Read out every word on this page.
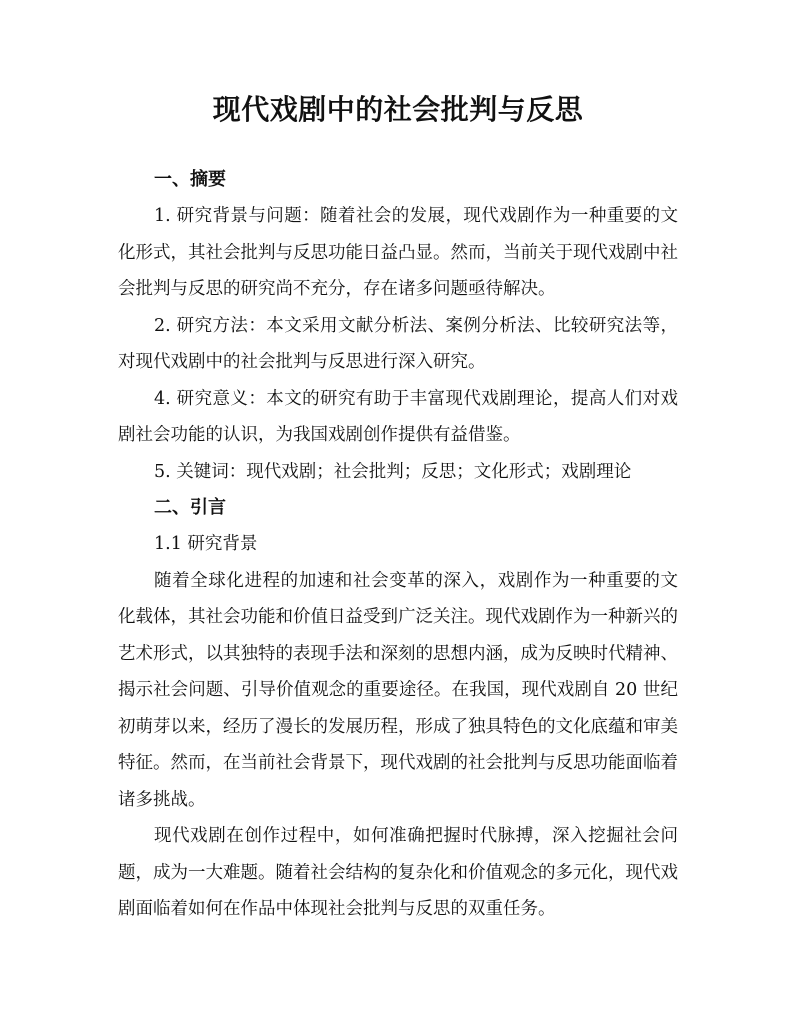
现代戏剧中的社会批判与反思
一、摘要

1. 研究背景与问题：随着社会的发展，现代戏剧作为一种重要的文化形式，其社会批判与反思功能日益凸显。然而，当前关于现代戏剧中社会批判与反思的研究尚不充分，存在诸多问题亟待解决。

2. 研究方法：本文采用文献分析法、案例分析法、比较研究法等，对现代戏剧中的社会批判与反思进行深入研究。

4. 研究意义：本文的研究有助于丰富现代戏剧理论，提高人们对戏剧社会功能的认识，为我国戏剧创作提供有益借鉴。

5. 关键词：现代戏剧；社会批判；反思；文化形式；戏剧理论

二、引言

1.1 研究背景

随着全球化进程的加速和社会变革的深入，戏剧作为一种重要的文化载体，其社会功能和价值日益受到广泛关注。现代戏剧作为一种新兴的艺术形式，以其独特的表现手法和深刻的思想内涵，成为反映时代精神、揭示社会问题、引导价值观念的重要途径。在我国，现代戏剧自 20 世纪初萌芽以来，经历了漫长的发展历程，形成了独具特色的文化底蕴和审美特征。然而，在当前社会背景下，现代戏剧的社会批判与反思功能面临着诸多挑战。

现代戏剧在创作过程中，如何准确把握时代脉搏，深入挖掘社会问题，成为一大难题。随着社会结构的复杂化和价值观念的多元化，现代戏剧面临着如何在作品中体现社会批判与反思的双重任务。
